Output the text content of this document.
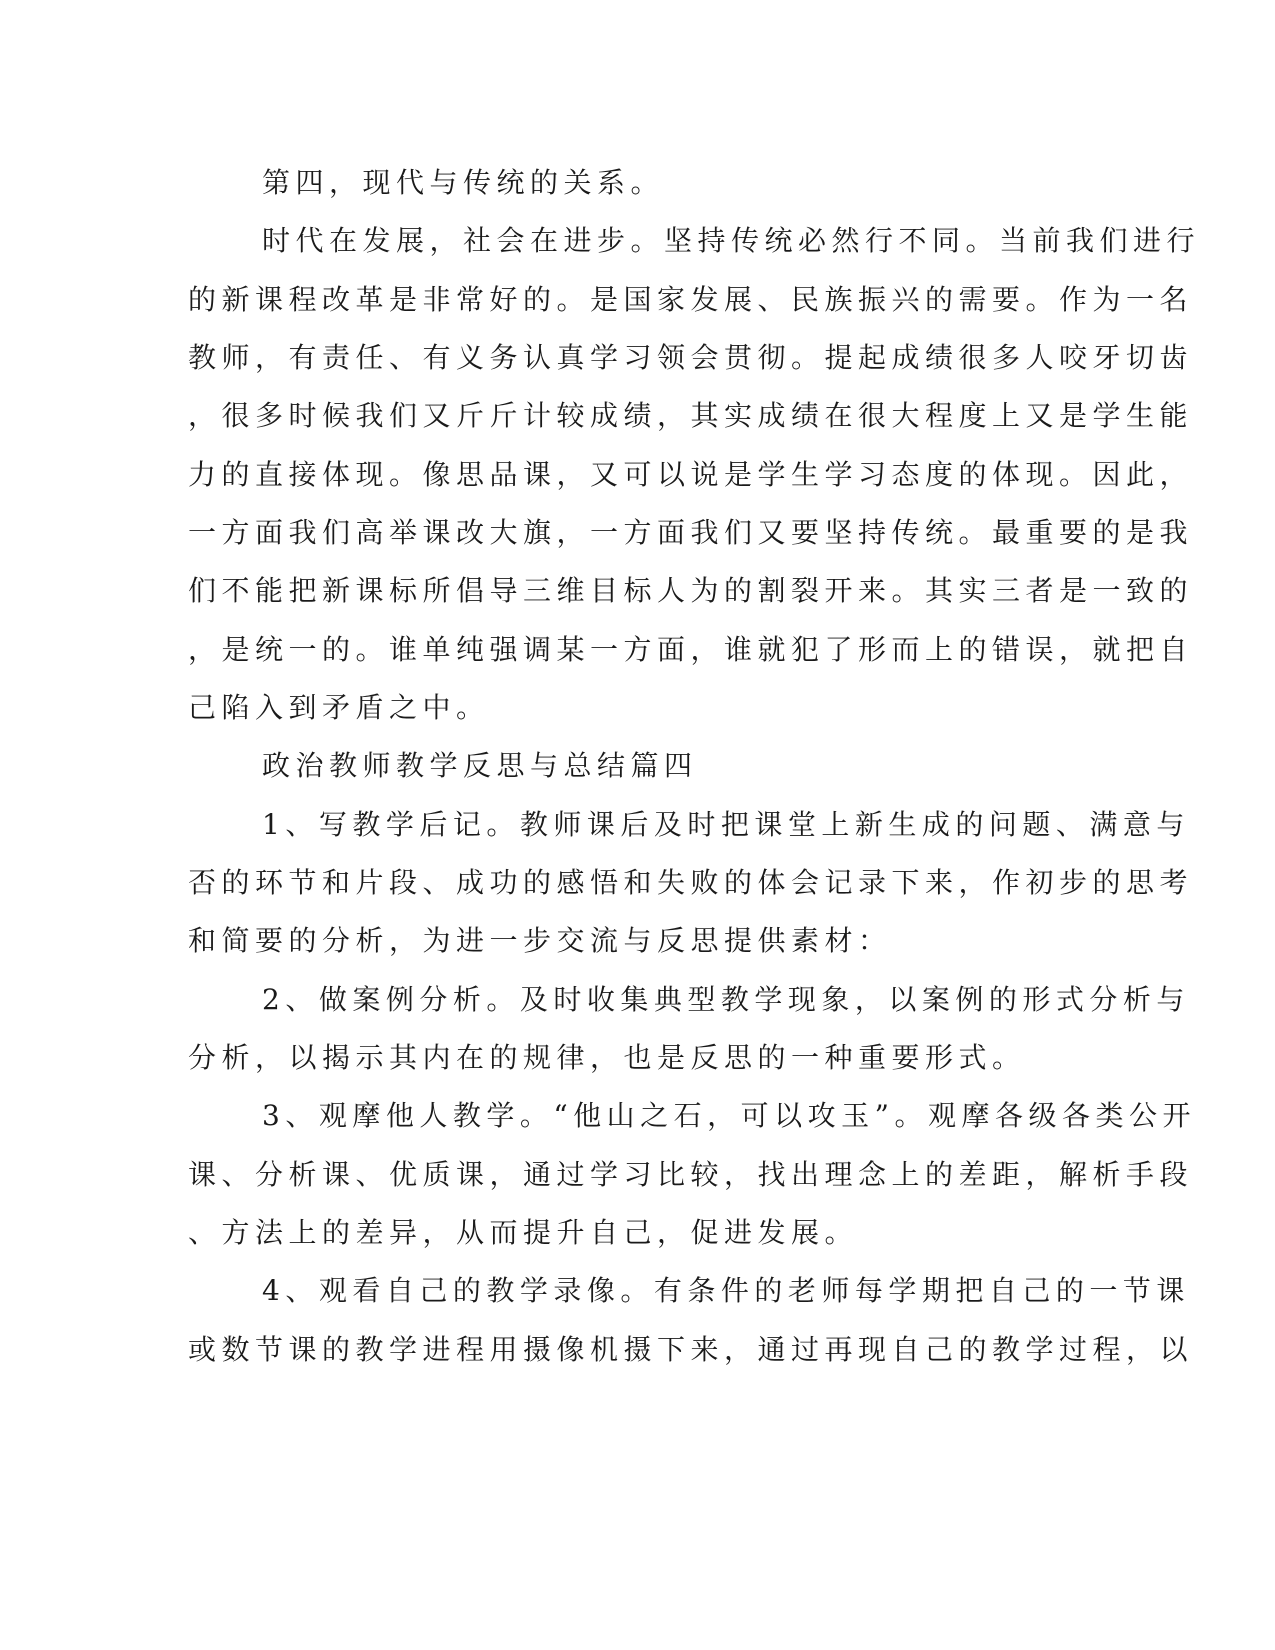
第四，现代与传统的关系。

时代在发展，社会在进步。坚持传统必然行不同。当前我们进行

的新课程改革是非常好的。是国家发展、民族振兴的需要。作为一名

教师，有责任、有义务认真学习领会贯彻。提起成绩很多人咬牙切齿

，很多时候我们又斤斤计较成绩，其实成绩在很大程度上又是学生能

力的直接体现。像思品课，又可以说是学生学习态度的体现。因此，

一方面我们高举课改大旗，一方面我们又要坚持传统。最重要的是我

们不能把新课标所倡导三维目标人为的割裂开来。其实三者是一致的

，是统一的。谁单纯强调某一方面，谁就犯了形而上的错误，就把自

己陷入到矛盾之中。

政治教师教学反思与总结篇四

1、写教学后记。教师课后及时把课堂上新生成的问题、满意与

否的环节和片段、成功的感悟和失败的体会记录下来，作初步的思考

和简要的分析，为进一步交流与反思提供素材：

2、做案例分析。及时收集典型教学现象，以案例的形式分析与

分析，以揭示其内在的规律，也是反思的一种重要形式。

3、观摩他人教学。“他山之石，可以攻玉”。观摩各级各类公开

课、分析课、优质课，通过学习比较，找出理念上的差距，解析手段

、方法上的差异，从而提升自己，促进发展。

4、观看自己的教学录像。有条件的老师每学期把自己的一节课

或数节课的教学进程用摄像机摄下来，通过再现自己的教学过程，以
